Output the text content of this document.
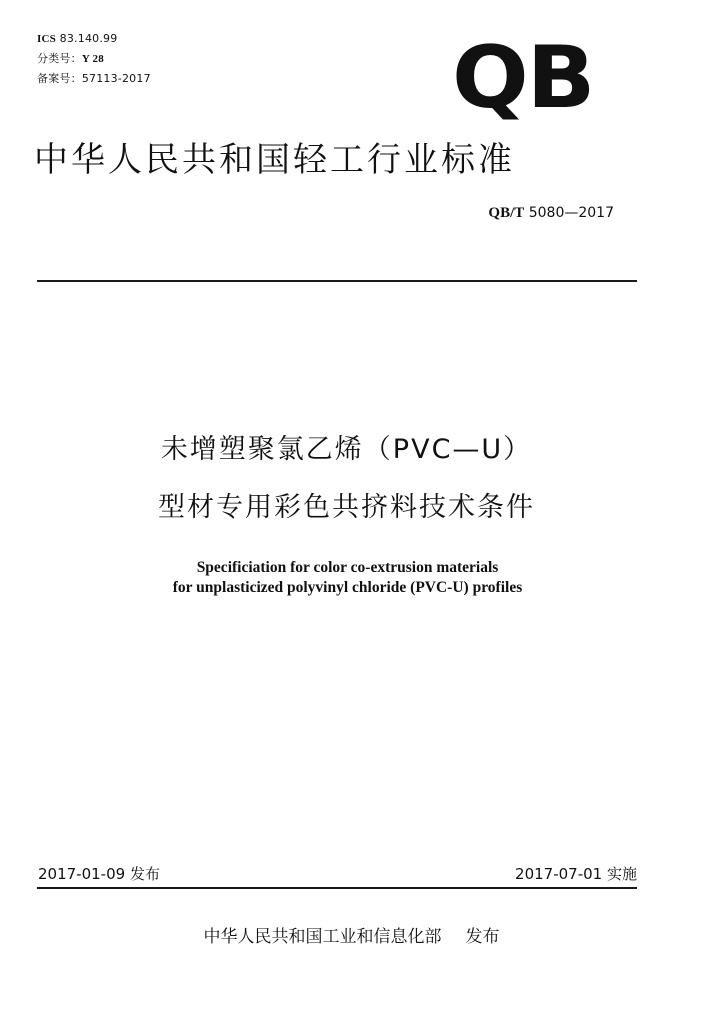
ICS 83.140.99
分类号：Y 28
备案号：57113-2017	QB
中华人民共和国轻工行业标准
QB/T 5080—2017
未增塑聚氯乙烯（PVC—U）
型材专用彩色共挤料技术条件
Specificiation for color co-extrusion materials
for unplasticized polyvinyl chloride (PVC-U) profiles
2017-01-09 发布	2017-07-01 实施
中华人民共和国工业和信息化部 发布
